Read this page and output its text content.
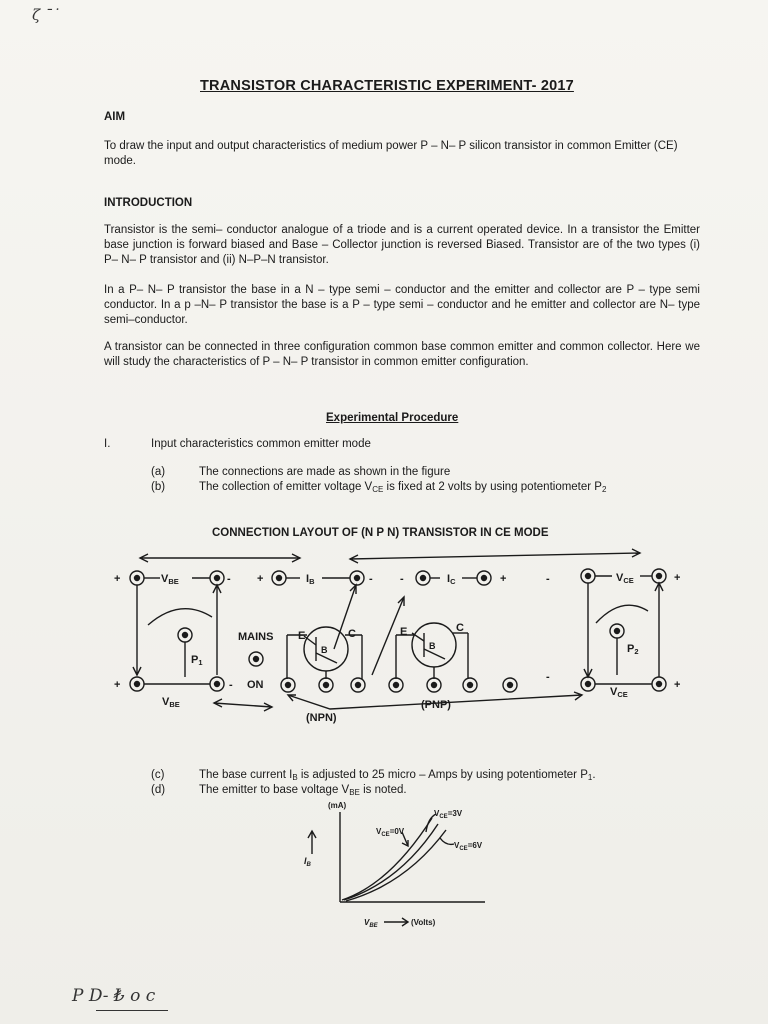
ζ ˉ˙
TRANSISTOR CHARACTERISTIC EXPERIMENT- 2017
AIM
To draw the input and output characteristics of medium power P – N– P silicon transistor in common Emitter (CE) mode.
INTRODUCTION
Transistor is the semi– conductor analogue of a triode and is a current operated device. In a transistor the Emitter base junction is forward biased and Base – Collector junction is reversed Biased. Transistor are of the two types (i) P– N– P transistor and (ii) N–P–N transistor.
In a P– N– P transistor the base in a N – type semi – conductor and the emitter and collector are P – type semi conductor. In a p –N– P transistor the base is a P – type semi – conductor and he emitter and collector are N– type semi–conductor.
A transistor can be connected in three configuration common base common emitter and common collector. Here we will study the characteristics of P – N– P transistor in common emitter configuration.
Experimental Procedure
I.	Input characteristics common emitter mode
(a)	The connections are made as shown in the figure
(b)	The collection of emitter voltage $V_{CE}$ is fixed at 2 volts by using potentiometer $P_2$
CONNECTION LAYOUT OF (N P N) TRANSISTOR IN CE MODE
+	VBE	- +	IB	- -	IC	+	-	VCE	+
MAINS
P1
P2
E	C
B
E	C
B
+	- ON
-
+
VBE
VCE
(NPN)
(PNP)
(c)	The base current $I_B$ is adjusted to 25 micro – Amps by using potentiometer $P_1$.
(d)	The emitter to base voltage $V_{BE}$ is noted.
(mA)
$I_B$
$V_{CE}=0V$
$V_{CE}=3V$
$V_{CE}=6V$
$V_{BE}$	(Volts)
P D- ₺ o c
